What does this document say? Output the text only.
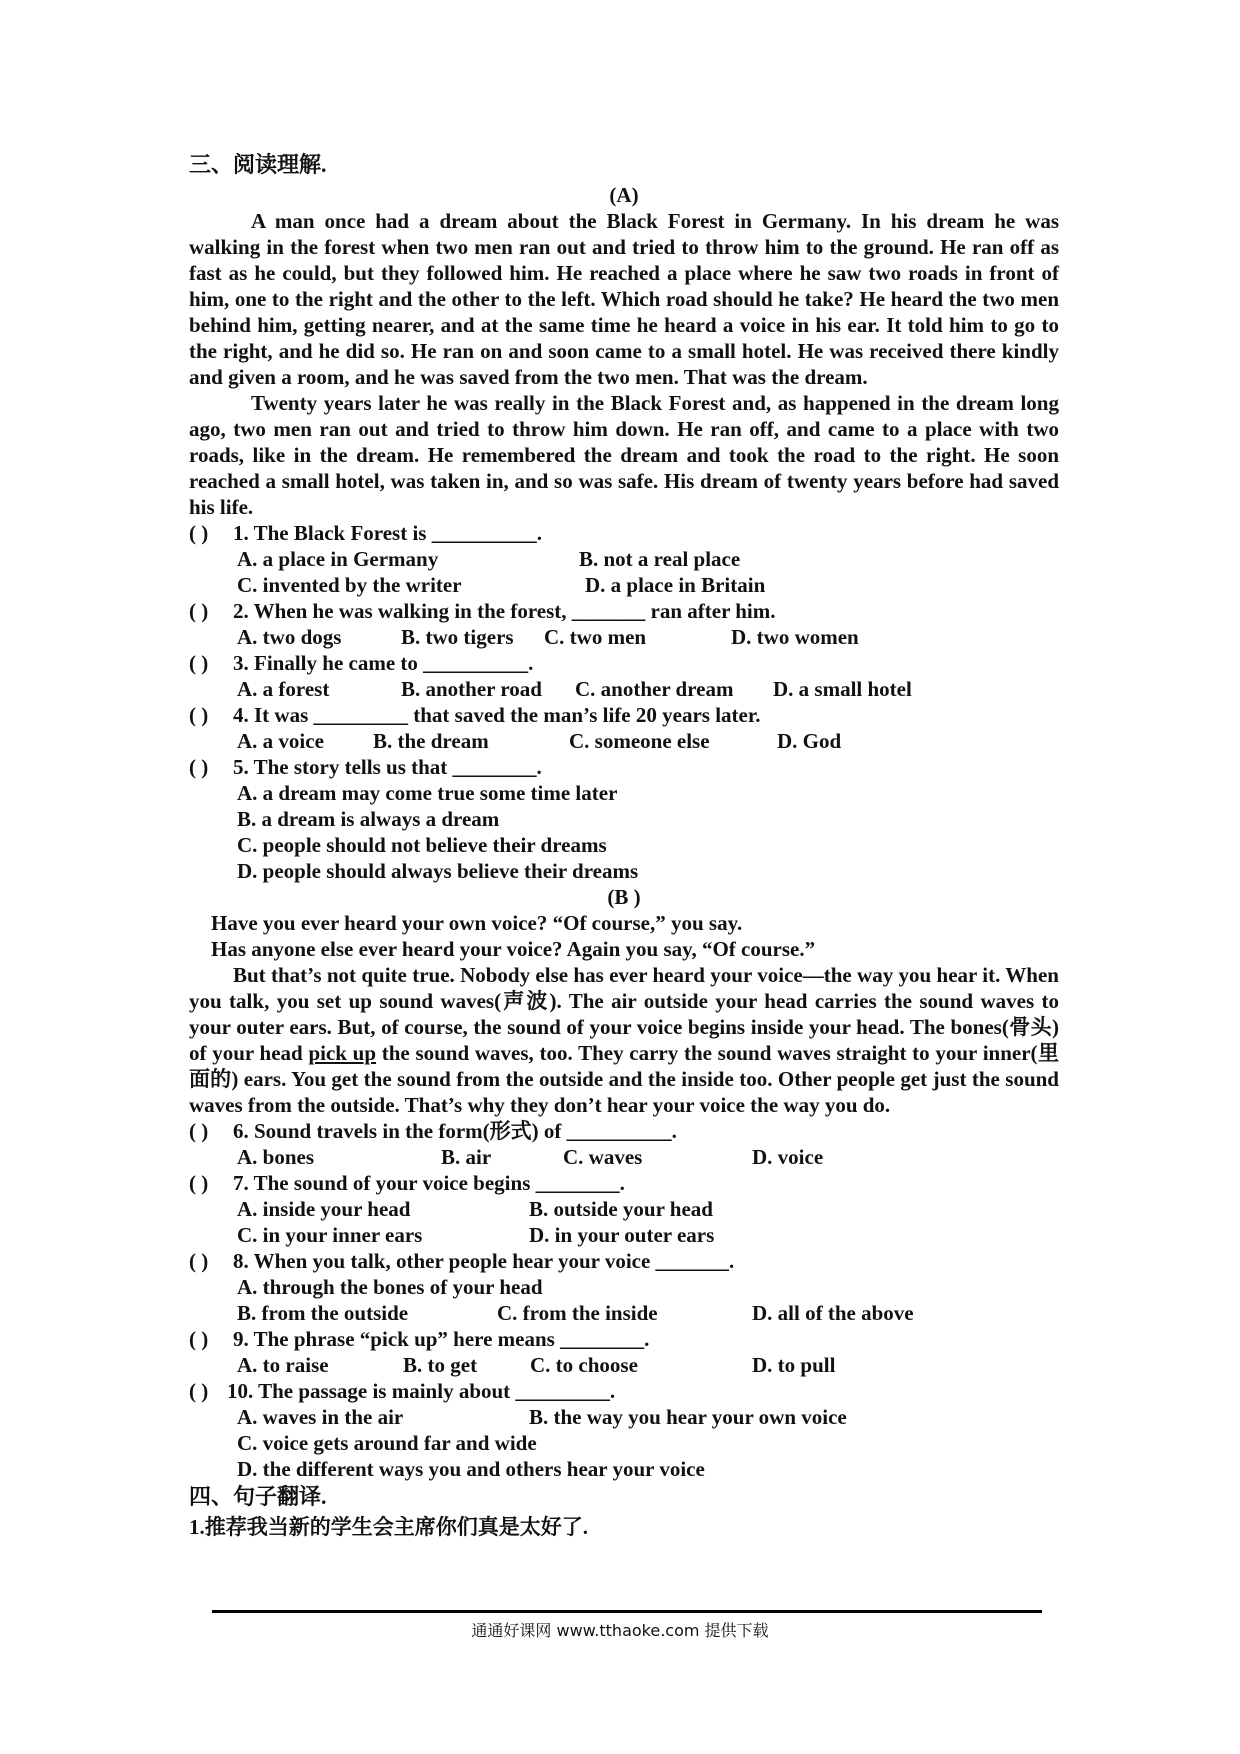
三、阅读理解.
(A)

A man once had a dream about the Black Forest in Germany. In his dream he was walking in the forest when two men ran out and tried to throw him to the ground. He ran off as fast as he could, but they followed him. He reached a place where he saw two roads in front of him, one to the right and the other to the left. Which road should he take? He heard the two men behind him, getting nearer, and at the same time he heard a voice in his ear. It told him to go to the right, and he did so. He ran on and soon came to a small hotel. He was received there kindly and given a room, and he was saved from the two men. That was the dream.

Twenty years later he was really in the Black Forest and, as happened in the dream long ago, two men ran out and tried to throw him down. He ran off, and came to a place with two roads, like in the dream. He remembered the dream and took the road to the right. He soon reached a small hotel, was taken in, and so was safe. His dream of twenty years before had saved his life.

( ) 1. The Black Forest is __________.
A. a place in Germany	B. not a real place
C. invented by the writer	D. a place in Britain
( ) 2. When he was walking in the forest, _______ ran after him.
A. two dogs	B. two tigers C. two men	D. two women
( ) 3. Finally he came to __________.
A. a forest	B. another road C. another dream D. a small hotel
( ) 4. It was _________ that saved the man’s life 20 years later.
A. a voice B. the dream	C. someone else	D. God
( ) 5. The story tells us that ________.
A. a dream may come true some time later
B. a dream is always a dream
C. people should not believe their dreams
D. people should always believe their dreams
(B )
Have you ever heard your own voice? “Of course,” you say.
Has anyone else ever heard your voice? Again you say, “Of course.”

But that’s not quite true. Nobody else has ever heard your voice—the way you hear it. When you talk, you set up sound waves(声波). The air outside your head carries the sound waves to your outer ears. But, of course, the sound of your voice begins inside your head. The bones(骨头) of your head pick up the sound waves, too. They carry the sound waves straight to your inner(里面的) ears. You get the sound from the outside and the inside too. Other people get just the sound waves from the outside. That’s why they don’t hear your voice the way you do.

( ) 6. Sound travels in the form(形式) of __________.
A. bones	B. air	C. waves	D. voice
( ) 7. The sound of your voice begins ________.
A. inside your head	B. outside your head
C. in your inner ears	D. in your outer ears
( ) 8. When you talk, other people hear your voice _______.
A. through the bones of your head
B. from the outside	C. from the inside	D. all of the above
( ) 9. The phrase “pick up” here means ________.
A. to raise	B. to get	C. to choose	D. to pull
( ) 10. The passage is mainly about _________.
A. waves in the air	B. the way you hear your own voice
C. voice gets around far and wide
D. the different ways you and others hear your voice
四、句子翻译.
1.推荐我当新的学生会主席你们真是太好了.
通通好课网 www.tthaoke.com 提供下载
